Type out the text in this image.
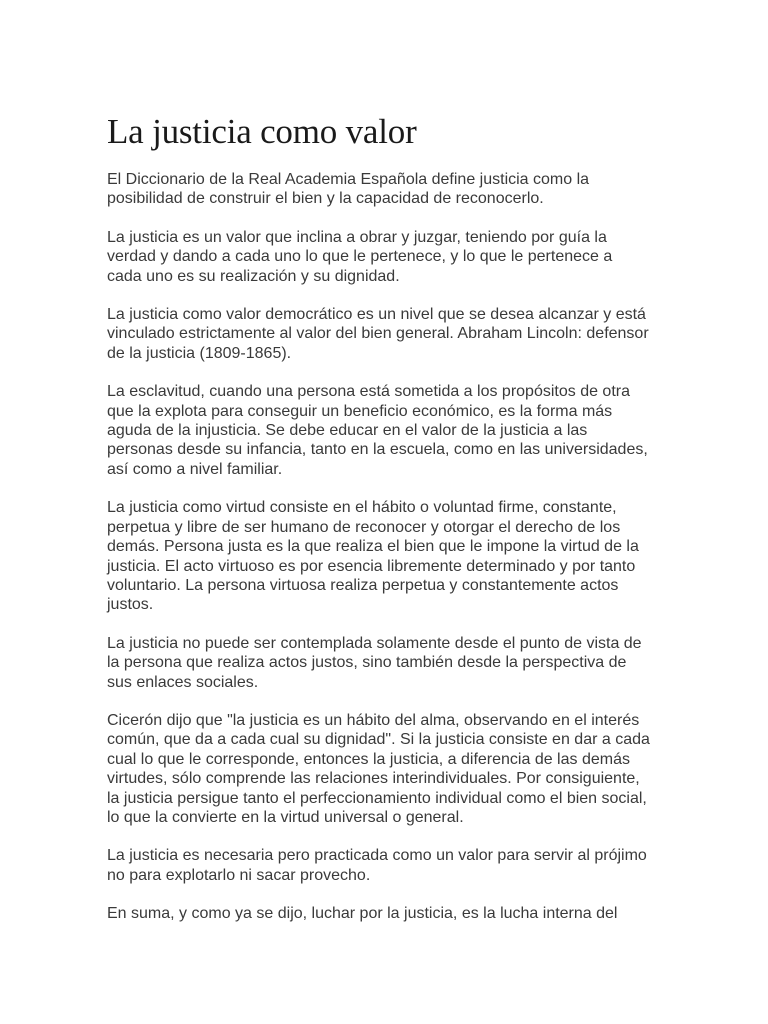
La justicia como valor

El Diccionario de la Real Academia Española define justicia como la
posibilidad de construir el bien y la capacidad de reconocerlo.

La justicia es un valor que inclina a obrar y juzgar, teniendo por guía la
verdad y dando a cada uno lo que le pertenece, y lo que le pertenece a
cada uno es su realización y su dignidad.

La justicia como valor democrático es un nivel que se desea alcanzar y está
vinculado estrictamente al valor del bien general. Abraham Lincoln: defensor
de la justicia (1809-1865).

La esclavitud, cuando una persona está sometida a los propósitos de otra
que la explota para conseguir un beneficio económico, es la forma más
aguda de la injusticia. Se debe educar en el valor de la justicia a las
personas desde su infancia, tanto en la escuela, como en las universidades,
así como a nivel familiar.

La justicia como virtud consiste en el hábito o voluntad firme, constante,
perpetua y libre de ser humano de reconocer y otorgar el derecho de los
demás. Persona justa es la que realiza el bien que le impone la virtud de la
justicia. El acto virtuoso es por esencia libremente determinado y por tanto
voluntario. La persona virtuosa realiza perpetua y constantemente actos
justos.

La justicia no puede ser contemplada solamente desde el punto de vista de
la persona que realiza actos justos, sino también desde la perspectiva de
sus enlaces sociales.

Cicerón dijo que "la justicia es un hábito del alma, observando en el interés
común, que da a cada cual su dignidad". Si la justicia consiste en dar a cada
cual lo que le corresponde, entonces la justicia, a diferencia de las demás
virtudes, sólo comprende las relaciones interindividuales. Por consiguiente,
la justicia persigue tanto el perfeccionamiento individual como el bien social,
lo que la convierte en la virtud universal o general.

La justicia es necesaria pero practicada como un valor para servir al prójimo
no para explotarlo ni sacar provecho.

En suma, y como ya se dijo, luchar por la justicia, es la lucha interna del
